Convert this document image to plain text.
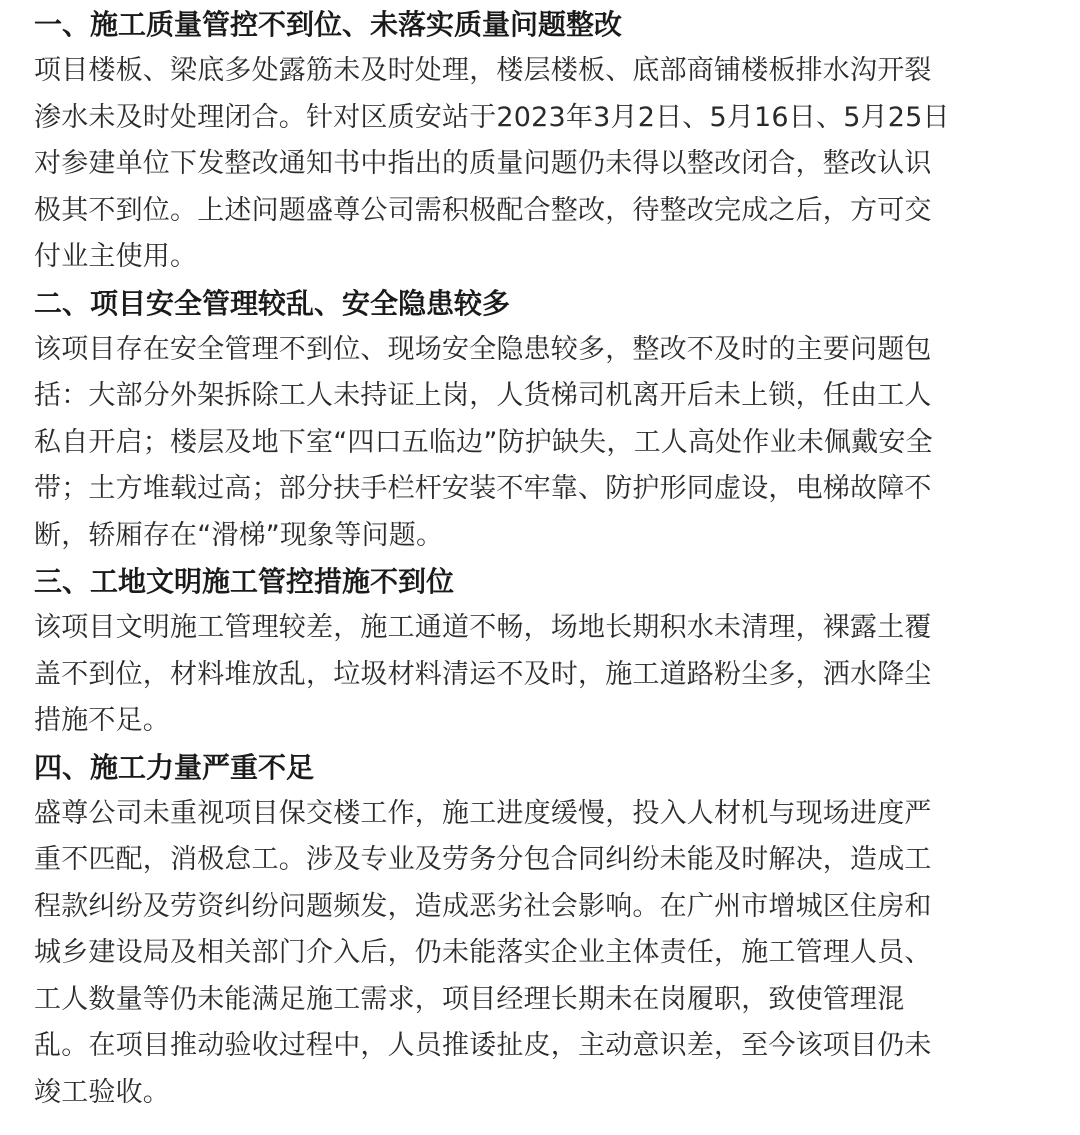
一、施工质量管控不到位、未落实质量问题整改

项目楼板、梁底多处露筋未及时处理，楼层楼板、底部商铺楼板排水沟开裂
渗水未及时处理闭合。针对区质安站于2023年3月2日、5月16日、5月25日
对参建单位下发整改通知书中指出的质量问题仍未得以整改闭合，整改认识
极其不到位。上述问题盛尊公司需积极配合整改，待整改完成之后，方可交
付业主使用。

二、项目安全管理较乱、安全隐患较多

该项目存在安全管理不到位、现场安全隐患较多，整改不及时的主要问题包
括：大部分外架拆除工人未持证上岗，人货梯司机离开后未上锁，任由工人
私自开启；楼层及地下室“四口五临边”防护缺失，工人高处作业未佩戴安全
带；土方堆载过高；部分扶手栏杆安装不牢靠、防护形同虚设，电梯故障不
断，轿厢存在“滑梯”现象等问题。

三、工地文明施工管控措施不到位

该项目文明施工管理较差，施工通道不畅，场地长期积水未清理，裸露土覆
盖不到位，材料堆放乱，垃圾材料清运不及时，施工道路粉尘多，洒水降尘
措施不足。

四、施工力量严重不足

盛尊公司未重视项目保交楼工作，施工进度缓慢，投入人材机与现场进度严
重不匹配，消极怠工。涉及专业及劳务分包合同纠纷未能及时解决，造成工
程款纠纷及劳资纠纷问题频发，造成恶劣社会影响。在广州市增城区住房和
城乡建设局及相关部门介入后，仍未能落实企业主体责任，施工管理人员、
工人数量等仍未能满足施工需求，项目经理长期未在岗履职，致使管理混
乱。在项目推动验收过程中，人员推诿扯皮，主动意识差，至今该项目仍未
竣工验收。
